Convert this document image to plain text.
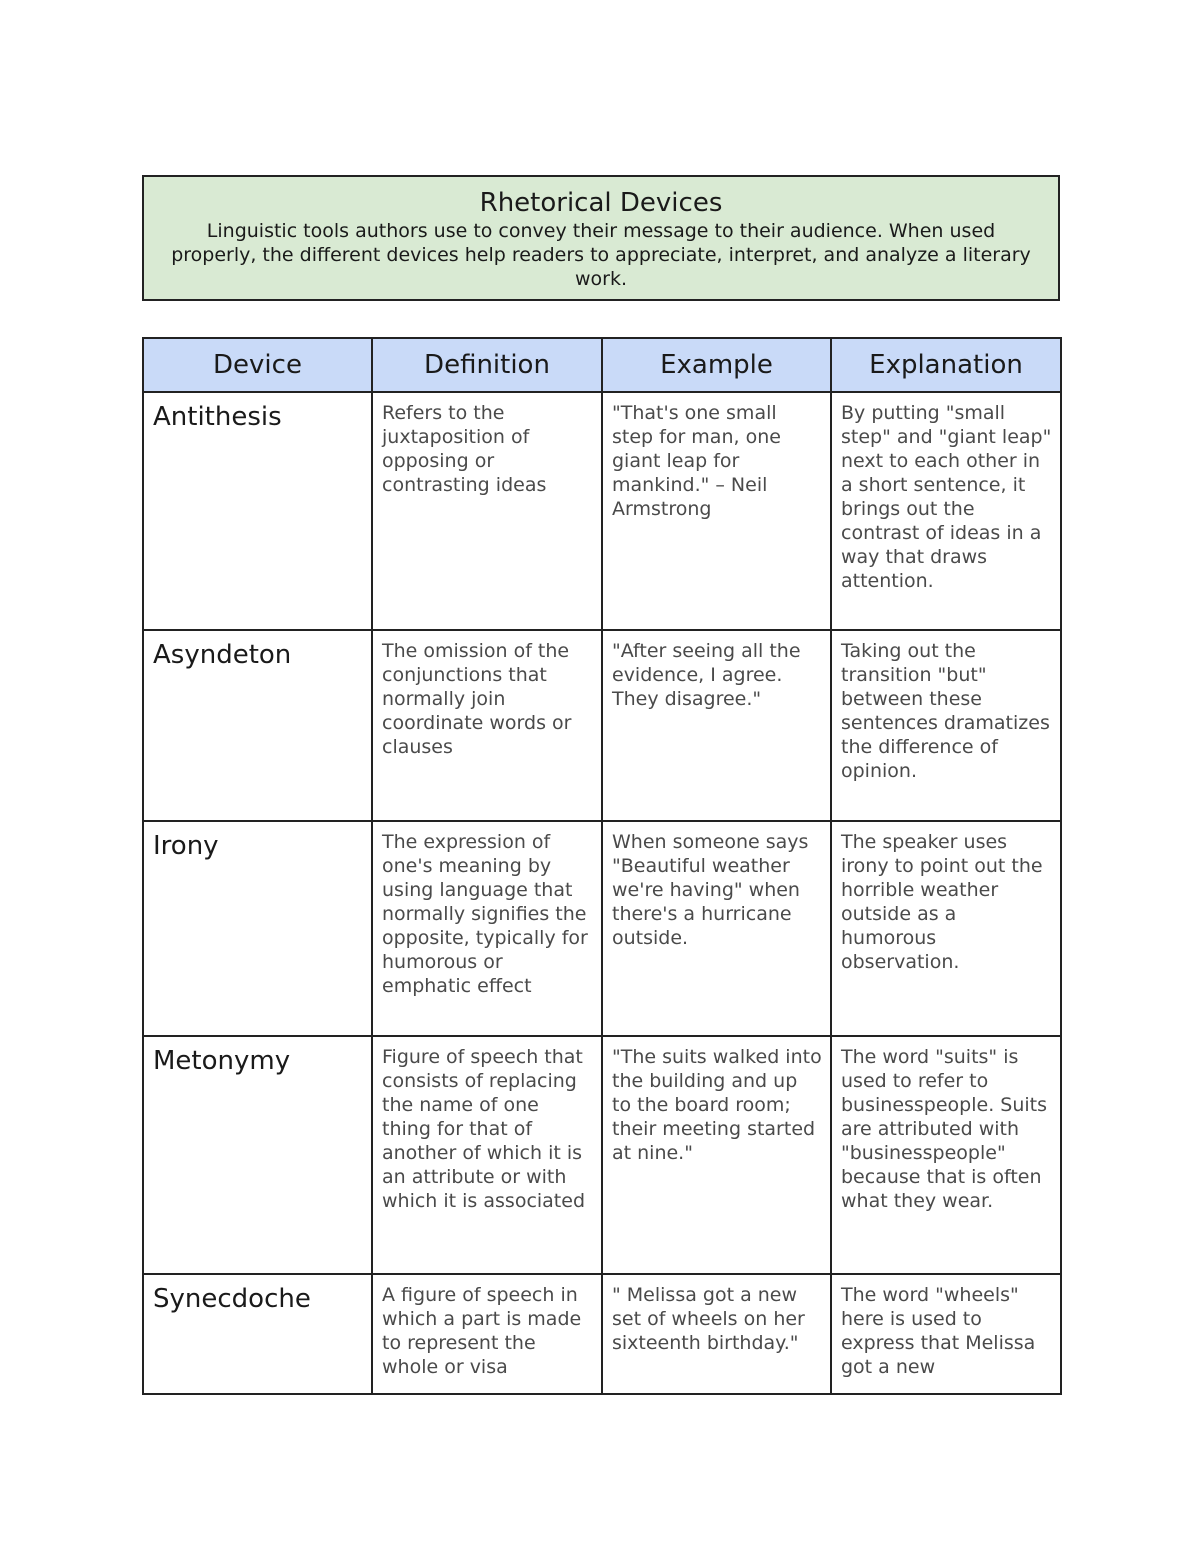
Rhetorical Devices
Linguistic tools authors use to convey their message to their audience. When used properly, the different devices help readers to appreciate, interpret, and analyze a literary work.
Device	Definition	Example	Explanation
Antithesis	Refers to the juxtaposition of opposing or contrasting ideas	"That's one small step for man, one giant leap for mankind." – Neil Armstrong	By putting "small step" and "giant leap" next to each other in a short sentence, it brings out the contrast of ideas in a way that draws attention.
Asyndeton	The omission of the conjunctions that normally join coordinate words or clauses	"After seeing all the evidence, I agree. They disagree."	Taking out the transition "but" between these sentences dramatizes the difference of opinion.
Irony	The expression of one's meaning by using language that normally signifies the opposite, typically for humorous or emphatic effect	When someone says "Beautiful weather we're having" when there's a hurricane outside.	The speaker uses irony to point out the horrible weather outside as a humorous observation.
Metonymy	Figure of speech that consists of replacing the name of one thing for that of another of which it is an attribute or with which it is associated	"The suits walked into the building and up to the board room; their meeting started at nine."	The word "suits" is used to refer to businesspeople. Suits are attributed with "businesspeople" because that is often what they wear.
Synecdoche	A figure of speech in which a part is made to represent the whole or visa	" Melissa got a new set of wheels on her sixteenth birthday."	The word "wheels" here is used to express that Melissa got a new
